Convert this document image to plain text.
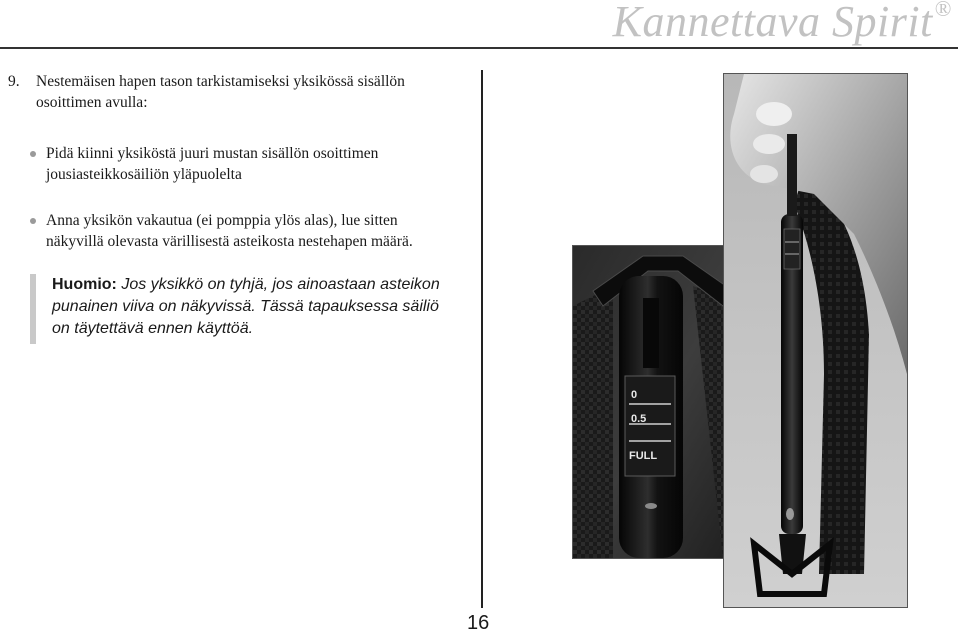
Kannettava Spirit®
9. Nestemäisen hapen tason tarkistamiseksi yksikössä sisällön
osoittimen avulla:
Pidä kiinni yksiköstä juuri mustan sisällön osoittimen
jousiasteikkosäiliön yläpuolelta
Anna yksikön vakautua (ei pomppia ylös alas), lue sitten
näkyvillä olevasta värillisestä asteikosta nestehapen määrä.
Huomio: Jos yksikkö on tyhjä, jos ainoastaan asteikon
punainen viiva on näkyvissä. Tässä tapauksessa säiliö
on täytettävä ennen käyttöä.
0
0.5
FULL
16
